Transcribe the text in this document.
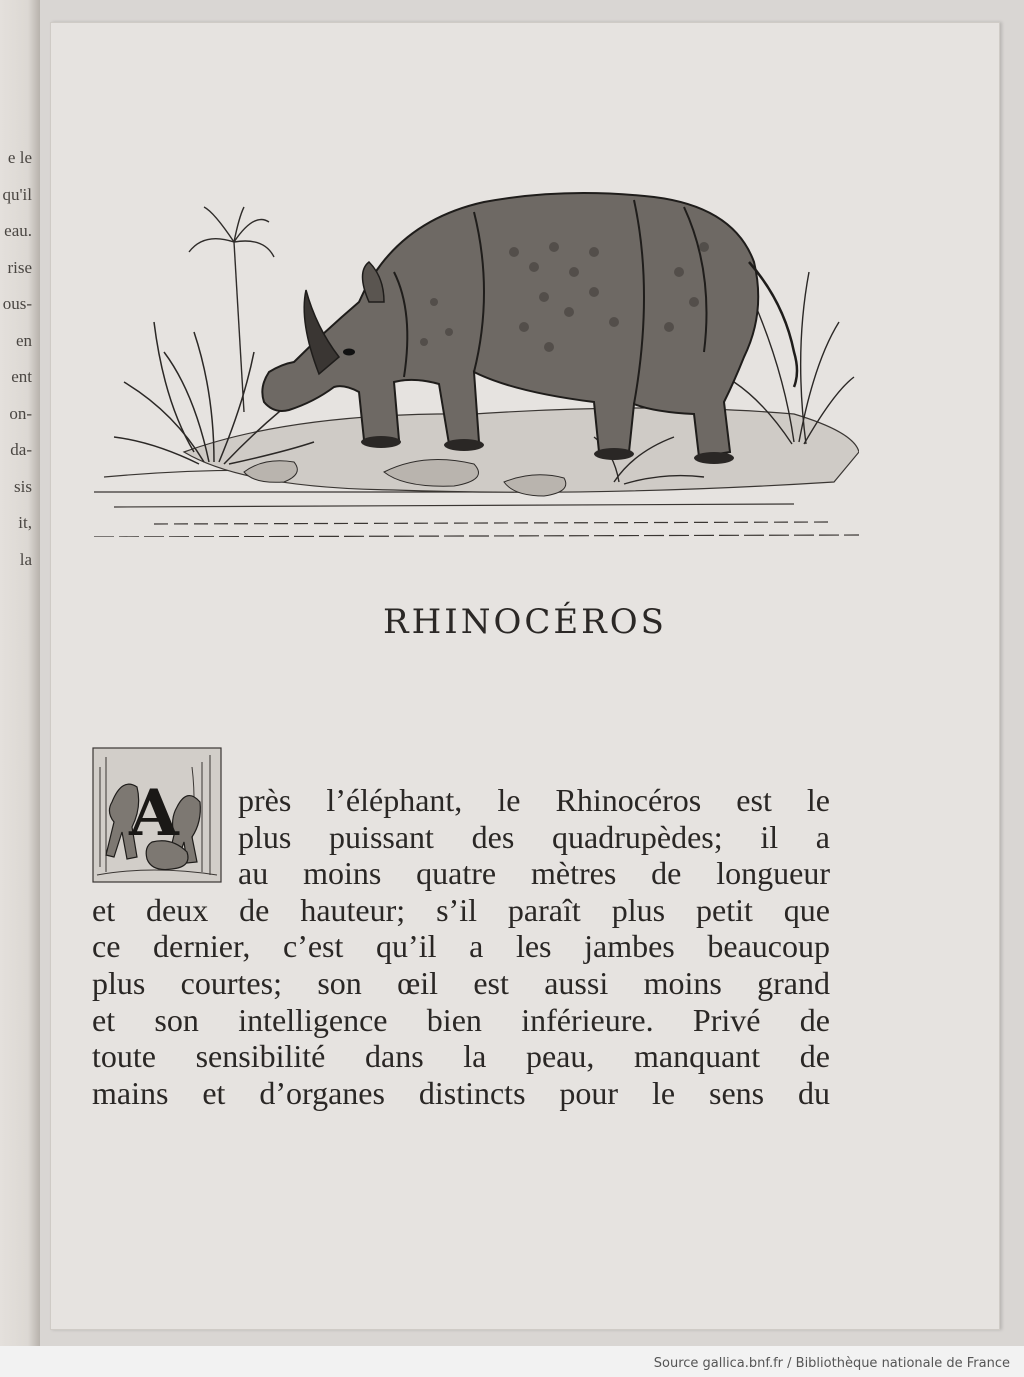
e le
qu'il
eau.
rise
ous-
en
ent
on-
da-
sis
it,
la
RHINOCÉROS
A près l’éléphant, le Rhinocéros est le
plus puissant des quadrupèdes; il a
au moins quatre mètres de longueur
et deux de hauteur; s’il paraît plus petit que
ce dernier, c’est qu’il a les jambes beaucoup
plus courtes; son œil est aussi moins grand
et son intelligence bien inférieure. Privé de
toute sensibilité dans la peau, manquant de
mains et d’organes distincts pour le sens du
Source gallica.bnf.fr / Bibliothèque nationale de France
